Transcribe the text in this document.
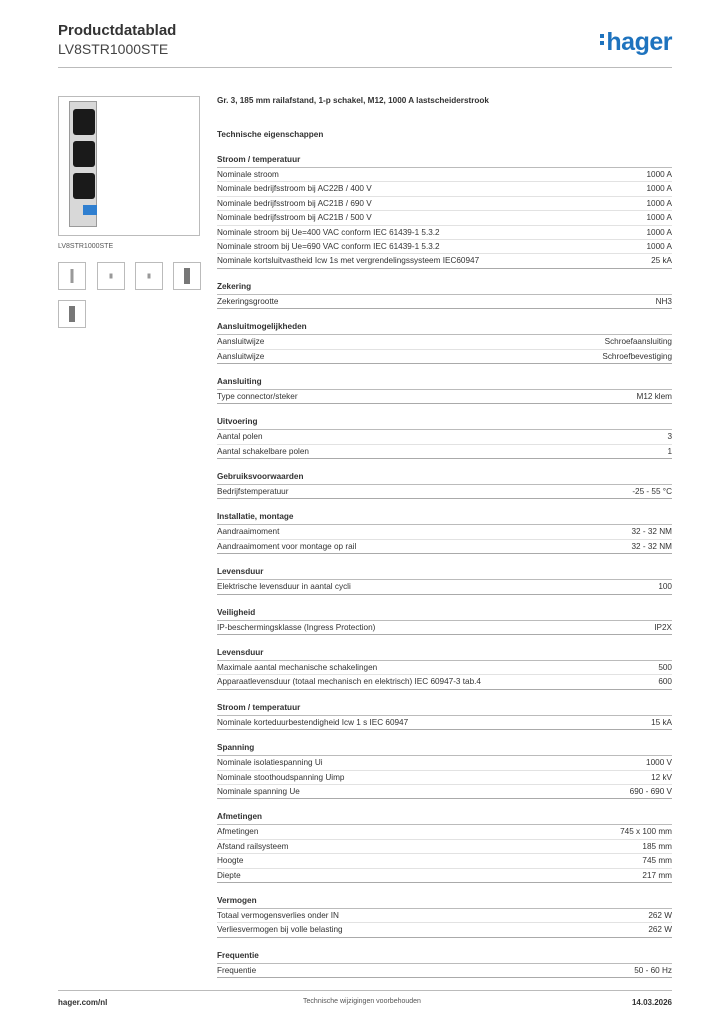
Productdatablad
LV8STR1000STE	hager
LV8STR1000STE
Gr. 3, 185 mm railafstand, 1-p schakel, M12, 1000 A lastscheiderstrook
Technische eigenschappen
Stroom / temperatuur
Nominale stroom	1000 A
Nominale bedrijfsstroom bij AC22B / 400 V	1000 A
Nominale bedrijfsstroom bij AC21B / 690 V	1000 A
Nominale bedrijfsstroom bij AC21B / 500 V	1000 A
Nominale stroom bij Ue=400 VAC conform IEC 61439-1 5.3.2	1000 A
Nominale stroom bij Ue=690 VAC conform IEC 61439-1 5.3.2	1000 A
Nominale kortsluitvastheid Icw 1s met vergrendelingssysteem IEC60947	25 kA
Zekering
Zekeringsgrootte	NH3
Aansluitmogelijkheden
Aansluitwijze	Schroefaansluiting
Aansluitwijze	Schroefbevestiging
Aansluiting
Type connector/steker	M12 klem
Uitvoering
Aantal polen	3
Aantal schakelbare polen	1
Gebruiksvoorwaarden
Bedrijfstemperatuur	-25 - 55 °C
Installatie, montage
Aandraaimoment	32 - 32 NM
Aandraaimoment voor montage op rail	32 - 32 NM
Levensduur
Elektrische levensduur in aantal cycli	100
Veiligheid
IP-beschermingsklasse (Ingress Protection)	IP2X
Levensduur
Maximale aantal mechanische schakelingen	500
Apparaatlevensduur (totaal mechanisch en elektrisch) IEC 60947-3 tab.4	600
Stroom / temperatuur
Nominale korteduurbestendigheid Icw 1 s IEC 60947	15 kA
Spanning
Nominale isolatiespanning Ui	1000 V
Nominale stoothoudspanning Uimp	12 kV
Nominale spanning Ue	690 - 690 V
Afmetingen
Afmetingen	745 x 100 mm
Afstand railsysteem	185 mm
Hoogte	745 mm
Diepte	217 mm
Vermogen
Totaal vermogensverlies onder IN	262 W
Verliesvermogen bij volle belasting	262 W
Frequentie
Frequentie	50 - 60 Hz
hager.com/nl	Technische wijzigingen voorbehouden	14.03.2026
